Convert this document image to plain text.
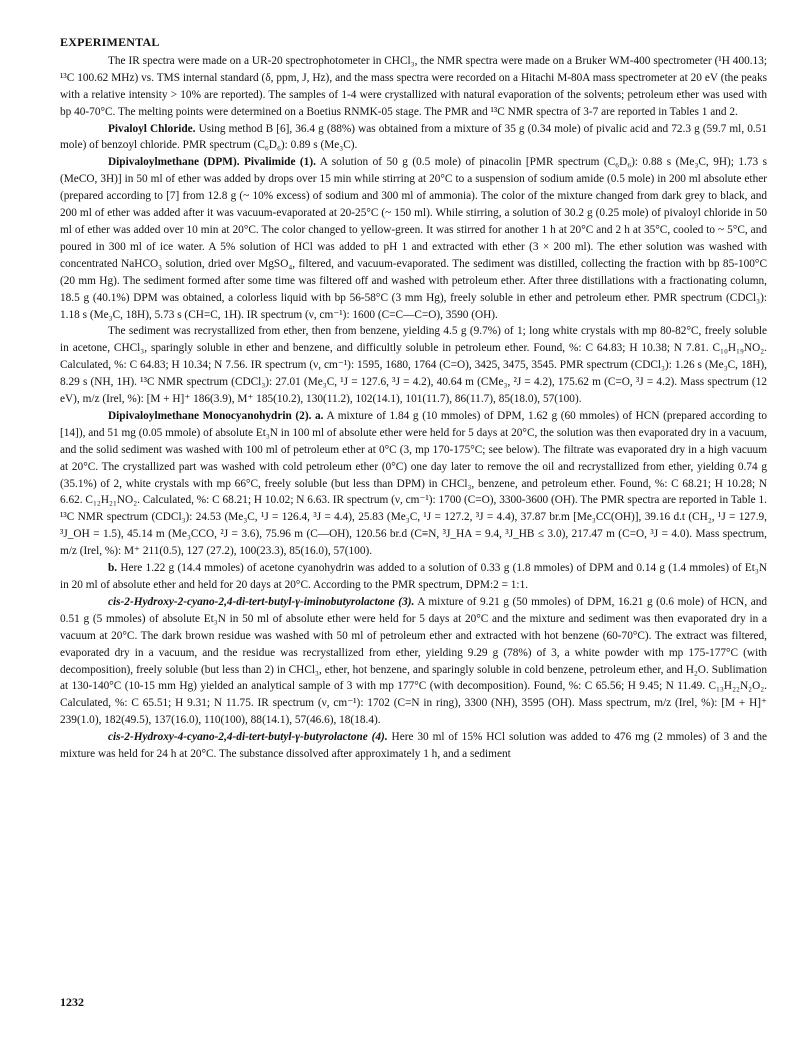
EXPERIMENTAL

The IR spectra were made on a UR-20 spectrophotometer in CHCl₃, the NMR spectra were made on a Bruker WM-400 spectrometer (¹H 400.13; ¹³C 100.62 MHz) vs. TMS internal standard (δ, ppm, J, Hz), and the mass spectra were recorded on a Hitachi M-80A mass spectrometer at 20 eV (the peaks with a relative intensity > 10% are reported). The samples of 1-4 were crystallized with natural evaporation of the solvents; petroleum ether was used with bp 40-70°C. The melting points were determined on a Boetius RNMK-05 stage. The PMR and ¹³C NMR spectra of 3-7 are reported in Tables 1 and 2.

Pivaloyl Chloride. Using method B [6], 36.4 g (88%) was obtained from a mixture of 35 g (0.34 mole) of pivalic acid and 72.3 g (59.7 ml, 0.51 mole) of benzoyl chloride. PMR spectrum (C₆D₆): 0.89 s (Me₃C).

Dipivaloylmethane (DPM). Pivalimide (1). A solution of 50 g (0.5 mole) of pinacolin [PMR spectrum (C₆D₆): 0.88 s (Me₃C, 9H); 1.73 s (MeCO, 3H)] in 50 ml of ether was added by drops over 15 min while stirring at 20°C to a suspension of sodium amide (0.5 mole) in 200 ml absolute ether (prepared according to [7] from 12.8 g (~ 10% excess) of sodium and 300 ml of ammonia). The color of the mixture changed from dark grey to black, and 200 ml of ether was added after it was vacuum-evaporated at 20-25°C (~ 150 ml). While stirring, a solution of 30.2 g (0.25 mole) of pivaloyl chloride in 50 ml of ether was added over 10 min at 20°C. The color changed to yellow-green. It was stirred for another 1 h at 20°C and 2 h at 35°C, cooled to ~ 5°C, and poured in 300 ml of ice water. A 5% solution of HCl was added to pH 1 and extracted with ether (3 × 200 ml). The ether solution was washed with concentrated NaHCO₃ solution, dried over MgSO₄, filtered, and vacuum-evaporated. The sediment was distilled, collecting the fraction with bp 85-100°C (20 mm Hg). The sediment formed after some time was filtered off and washed with petroleum ether. After three distillations with a fractionating column, 18.5 g (40.1%) DPM was obtained, a colorless liquid with bp 56-58°C (3 mm Hg), freely soluble in ether and petroleum ether. PMR spectrum (CDCl₃): 1.18 s (Me₃C, 18H), 5.73 s (CH=C, 1H). IR spectrum (ν, cm⁻¹): 1600 (C=C—C=O), 3590 (OH).

The sediment was recrystallized from ether, then from benzene, yielding 4.5 g (9.7%) of 1; long white crystals with mp 80-82°C, freely soluble in acetone, CHCl₃, sparingly soluble in ether and benzene, and difficultly soluble in petroleum ether. Found, %: C 64.83; H 10.38; N 7.81. C₁₀H₁₉NO₂. Calculated, %: C 64.83; H 10.34; N 7.56. IR spectrum (ν, cm⁻¹): 1595, 1680, 1764 (C=O), 3425, 3475, 3545. PMR spectrum (CDCl₃): 1.26 s (Me₃C, 18H), 8.29 s (NH, 1H). ¹³C NMR spectrum (CDCl₃): 27.01 (Me₃C, ¹J = 127.6, ³J = 4.2), 40.64 m (CMe₃, ²J = 4.2), 175.62 m (C=O, ³J = 4.2). Mass spectrum (12 eV), m/z (Irel, %): [M + H]⁺ 186(3.9), M⁺ 185(10.2), 130(11.2), 102(14.1), 101(11.7), 86(11.7), 85(18.0), 57(100).

Dipivaloylmethane Monocyanohydrin (2). a. A mixture of 1.84 g (10 mmoles) of DPM, 1.62 g (60 mmoles) of HCN (prepared according to [14]), and 51 mg (0.05 mmole) of absolute Et₃N in 100 ml of absolute ether were held for 5 days at 20°C, the solution was then evaporated dry in a vacuum, and the solid sediment was washed with 100 ml of petroleum ether at 0°C (3, mp 170-175°C; see below). The filtrate was evaporated dry in a high vacuum at 20°C. The crystallized part was washed with cold petroleum ether (0°C) one day later to remove the oil and recrystallized from ether, yielding 0.74 g (35.1%) of 2, white crystals with mp 66°C, freely soluble (but less than DPM) in CHCl₃, benzene, and petroleum ether. Found, %: C 68.21; H 10.28; N 6.62. C₁₂H₂₁NO₂. Calculated, %: C 68.21; H 10.02; N 6.63. IR spectrum (ν, cm⁻¹): 1700 (C=O), 3300-3600 (OH). The PMR spectra are reported in Table 1. ¹³C NMR spectrum (CDCl₃): 24.53 (Me₃C, ¹J = 126.4, ³J = 4.4), 25.83 (Me₃C, ¹J = 127.2, ³J = 4.4), 37.87 br.m [Me₃CC(OH)], 39.16 d.t (CH₂, ¹J = 127.9, ³J_OH = 1.5), 45.14 m (Me₃CCO, ²J = 3.6), 75.96 m (C—OH), 120.56 br.d (C≡N, ³J_HA = 9.4, ³J_HB ≤ 3.0), 217.47 m (C=O, ³J = 4.0). Mass spectrum, m/z (Irel, %): M⁺ 211(0.5), 127 (27.2), 100(23.3), 85(16.0), 57(100).

b. Here 1.22 g (14.4 mmoles) of acetone cyanohydrin was added to a solution of 0.33 g (1.8 mmoles) of DPM and 0.14 g (1.4 mmoles) of Et₃N in 20 ml of absolute ether and held for 20 days at 20°C. According to the PMR spectrum, DPM:2 = 1:1.

cis-2-Hydroxy-2-cyano-2,4-di-tert-butyl-γ-iminobutyrolactone (3). A mixture of 9.21 g (50 mmoles) of DPM, 16.21 g (0.6 mole) of HCN, and 0.51 g (5 mmoles) of absolute Et₃N in 50 ml of absolute ether were held for 5 days at 20°C and the mixture and sediment was then evaporated dry in a vacuum at 20°C. The dark brown residue was washed with 50 ml of petroleum ether and extracted with hot benzene (60-70°C). The extract was filtered, evaporated dry in a vacuum, and the residue was recrystallized from ether, yielding 9.29 g (78%) of 3, a white powder with mp 175-177°C (with decomposition), freely soluble (but less than 2) in CHCl₃, ether, hot benzene, and sparingly soluble in cold benzene, petroleum ether, and H₂O. Sublimation at 130-140°C (10-15 mm Hg) yielded an analytical sample of 3 with mp 177°C (with decomposition). Found, %: C 65.56; H 9.45; N 11.49. C₁₃H₂₂N₂O₂. Calculated, %: C 65.51; H 9.31; N 11.75. IR spectrum (ν, cm⁻¹): 1702 (C=N in ring), 3300 (NH), 3595 (OH). Mass spectrum, m/z (Irel, %): [M + H]⁺ 239(1.0), 182(49.5), 137(16.0), 110(100), 88(14.1), 57(46.6), 18(18.4).

cis-2-Hydroxy-4-cyano-2,4-di-tert-butyl-γ-butyrolactone (4). Here 30 ml of 15% HCl solution was added to 476 mg (2 mmoles) of 3 and the mixture was held for 24 h at 20°C. The substance dissolved after approximately 1 h, and a sediment

1232
